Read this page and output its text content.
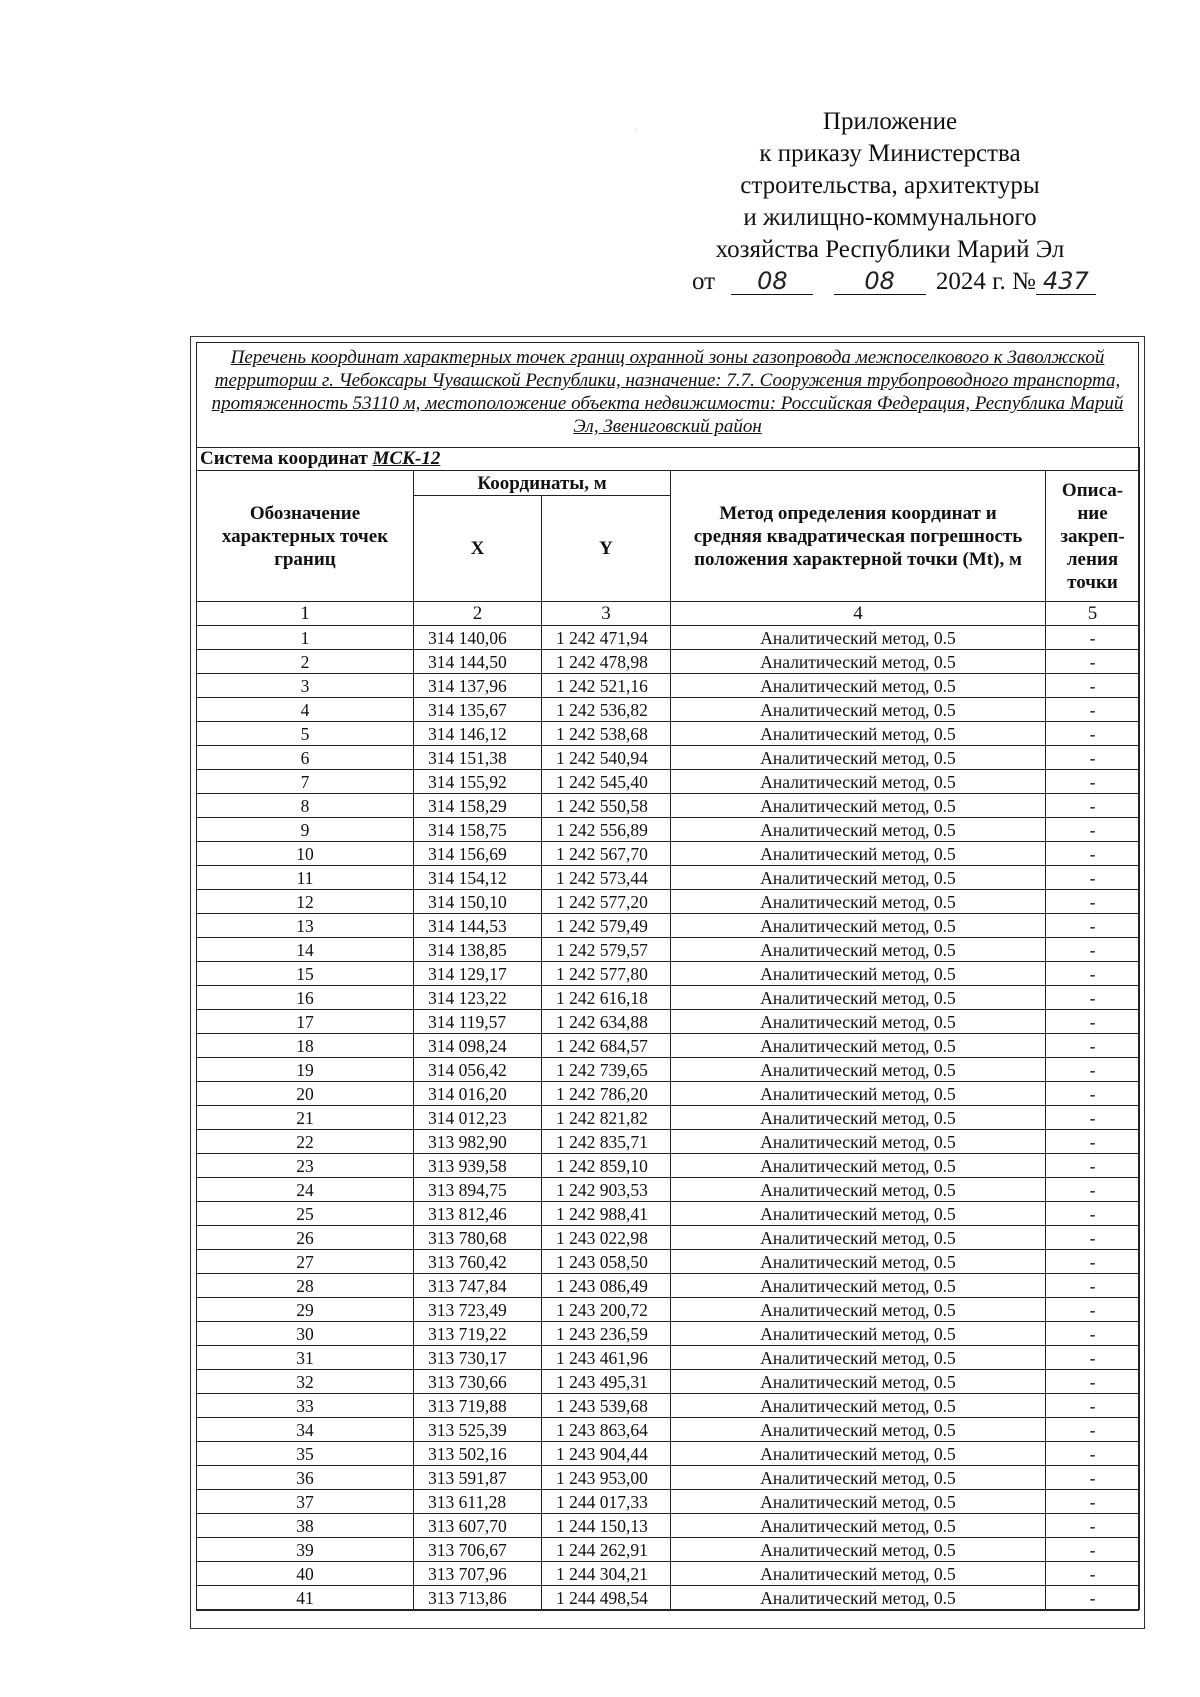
Приложение
к приказу Министерства
строительства, архитектуры
и жилищно-коммунального
хозяйства Республики Марий Эл
от 08	08 2024 г. № 437
Перечень координат характерных точек границ охранной зоны газопровода межпоселкового к Заволжской территории г. Чебоксары Чувашской Республики, назначение: 7.7. Сооружения трубопроводного транспорта, протяженность 53110 м, местоположение объекта недвижимости: Российская Федерация, Республика Марий Эл, Звениговский район
Система координат МСК-12				
Обозначение характерных точек границ	Координаты, м		Метод определения координат и средняя квадратическая погрешность положения характерной точки (Mt), м	Описа-ние закреп-ления точки
	X	Y		
1	2	3	4	5
1	314 140,06	1 242 471,94	Аналитический метод, 0.5	-
2	314 144,50	1 242 478,98	Аналитический метод, 0.5	-
3	314 137,96	1 242 521,16	Аналитический метод, 0.5	-
4	314 135,67	1 242 536,82	Аналитический метод, 0.5	-
5	314 146,12	1 242 538,68	Аналитический метод, 0.5	-
6	314 151,38	1 242 540,94	Аналитический метод, 0.5	-
7	314 155,92	1 242 545,40	Аналитический метод, 0.5	-
8	314 158,29	1 242 550,58	Аналитический метод, 0.5	-
9	314 158,75	1 242 556,89	Аналитический метод, 0.5	-
10	314 156,69	1 242 567,70	Аналитический метод, 0.5	-
11	314 154,12	1 242 573,44	Аналитический метод, 0.5	-
12	314 150,10	1 242 577,20	Аналитический метод, 0.5	-
13	314 144,53	1 242 579,49	Аналитический метод, 0.5	-
14	314 138,85	1 242 579,57	Аналитический метод, 0.5	-
15	314 129,17	1 242 577,80	Аналитический метод, 0.5	-
16	314 123,22	1 242 616,18	Аналитический метод, 0.5	-
17	314 119,57	1 242 634,88	Аналитический метод, 0.5	-
18	314 098,24	1 242 684,57	Аналитический метод, 0.5	-
19	314 056,42	1 242 739,65	Аналитический метод, 0.5	-
20	314 016,20	1 242 786,20	Аналитический метод, 0.5	-
21	314 012,23	1 242 821,82	Аналитический метод, 0.5	-
22	313 982,90	1 242 835,71	Аналитический метод, 0.5	-
23	313 939,58	1 242 859,10	Аналитический метод, 0.5	-
24	313 894,75	1 242 903,53	Аналитический метод, 0.5	-
25	313 812,46	1 242 988,41	Аналитический метод, 0.5	-
26	313 780,68	1 243 022,98	Аналитический метод, 0.5	-
27	313 760,42	1 243 058,50	Аналитический метод, 0.5	-
28	313 747,84	1 243 086,49	Аналитический метод, 0.5	-
29	313 723,49	1 243 200,72	Аналитический метод, 0.5	-
30	313 719,22	1 243 236,59	Аналитический метод, 0.5	-
31	313 730,17	1 243 461,96	Аналитический метод, 0.5	-
32	313 730,66	1 243 495,31	Аналитический метод, 0.5	-
33	313 719,88	1 243 539,68	Аналитический метод, 0.5	-
34	313 525,39	1 243 863,64	Аналитический метод, 0.5	-
35	313 502,16	1 243 904,44	Аналитический метод, 0.5	-
36	313 591,87	1 243 953,00	Аналитический метод, 0.5	-
37	313 611,28	1 244 017,33	Аналитический метод, 0.5	-
38	313 607,70	1 244 150,13	Аналитический метод, 0.5	-
39	313 706,67	1 244 262,91	Аналитический метод, 0.5	-
40	313 707,96	1 244 304,21	Аналитический метод, 0.5	-
41	313 713,86	1 244 498,54	Аналитический метод, 0.5	-
ˈ
